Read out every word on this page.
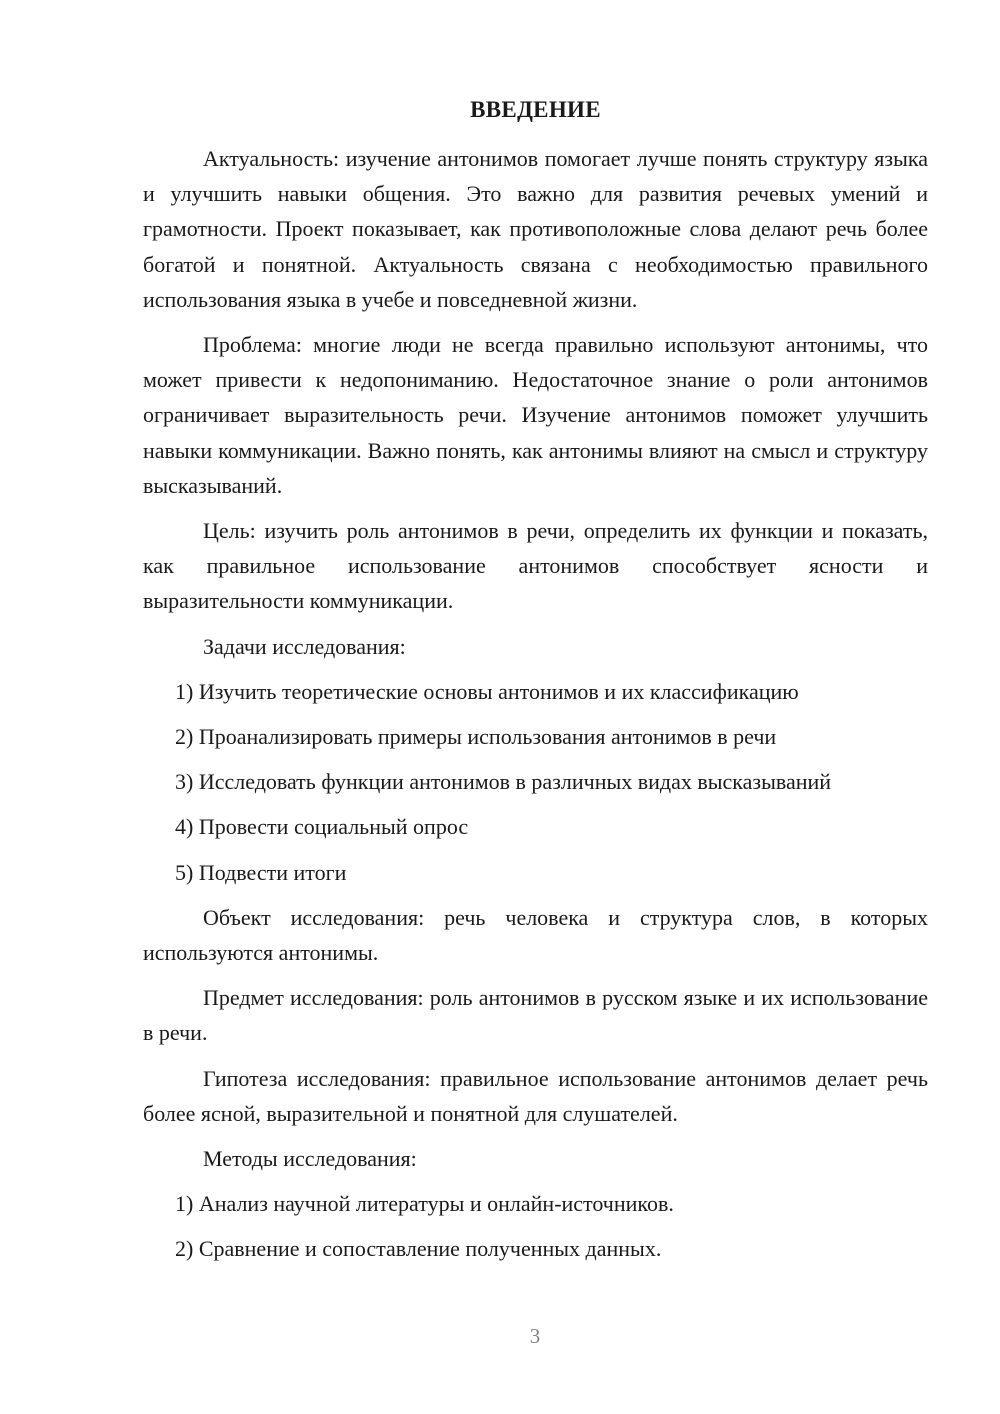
ВВЕДЕНИЕ

Актуальность: изучение антонимов помогает лучше понять структуру языка и улучшить навыки общения. Это важно для развития речевых умений и грамотности. Проект показывает, как противоположные слова делают речь более богатой и понятной. Актуальность связана с необходимостью правильного использования языка в учебе и повседневной жизни.

Проблема: многие люди не всегда правильно используют антонимы, что может привести к недопониманию. Недостаточное знание о роли антонимов ограничивает выразительность речи. Изучение антонимов поможет улучшить навыки коммуникации. Важно понять, как антонимы влияют на смысл и структуру высказываний.

Цель: изучить роль антонимов в речи, определить их функции и показать, как правильное использование антонимов способствует ясности и выразительности коммуникации.

Задачи исследования:

1) Изучить теоретические основы антонимов и их классификацию
2) Проанализировать примеры использования антонимов в речи
3) Исследовать функции антонимов в различных видах высказываний
4) Провести социальный опрос
5) Подвести итоги

Объект исследования: речь человека и структура слов, в которых используются антонимы.

Предмет исследования: роль антонимов в русском языке и их использование в речи.

Гипотеза исследования: правильное использование антонимов делает речь более ясной, выразительной и понятной для слушателей.

Методы исследования:

1) Анализ научной литературы и онлайн-источников.
2) Сравнение и сопоставление полученных данных.
3
